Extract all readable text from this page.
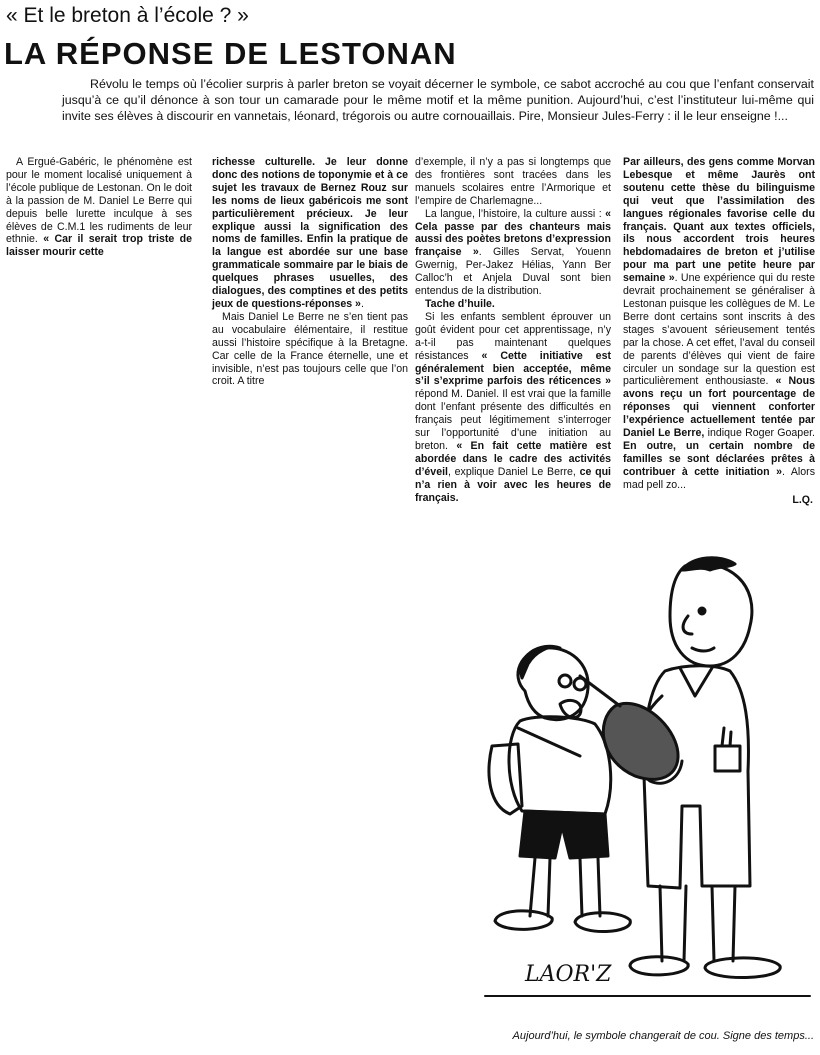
« Et le breton à l’école ? »
LA RÉPONSE DE LESTONAN

Révolu le temps où l’écolier surpris à parler breton se voyait décerner le symbole, ce sabot accroché au cou que l’enfant conservait jusqu’à ce qu’il dénonce à son tour un camarade pour le même motif et la même punition. Aujourd’hui, c’est l’instituteur lui-même qui invite ses élèves à discourir en vannetais, léonard, trégorois ou autre cornouaillais. Pire, Monsieur Jules-Ferry : il le leur enseigne !...

A Ergué-Gabéric, le phénomène est pour le moment localisé uniquement à l’école publique de Lestonan. On le doit à la passion de M. Daniel Le Berre qui depuis belle lurette inculque à ses élèves de C.M.1 les rudiments de leur ethnie. « Car il serait trop triste de laisser mourir cette

richesse culturelle. Je leur donne donc des notions de toponymie et à ce sujet les travaux de Bernez Rouz sur les noms de lieux gabéricois me sont particulièrement précieux. Je leur explique aussi la signification des noms de familles. Enfin la pratique de la langue est abordée sur une base grammaticale sommaire par le biais de quelques phrases usuelles, des dialogues, des comptines et des petits jeux de questions-réponses ».

Mais Daniel Le Berre ne s’en tient pas au vocabulaire élémentaire, il restitue aussi l’histoire spécifique à la Bretagne. Car celle de la France éternelle, une et invisible, n’est pas toujours celle que l’on croit. A titre

d’exemple, il n’y a pas si longtemps que des frontières sont tracées dans les manuels scolaires entre l’Armorique et l’empire de Charlemagne...

La langue, l’histoire, la culture aussi : « Cela passe par des chanteurs mais aussi des poètes bretons d’expression française ». Gilles Servat, Youenn Gwernig, Per-Jakez Hélias, Yann Ber Calloc’h et Anjela Duval sont bien entendus de la distribution.

Tache d’huile.

Si les enfants semblent éprouver un goût évident pour cet apprentissage, n’y a-t-il pas maintenant quelques résistances « Cette initiative est généralement bien acceptée, même s’il s’exprime parfois des réticences » répond M. Daniel. Il est vrai que la famille dont l’enfant présente des difficultés en français peut légitimement s’interroger sur l’opportunité d’une initiation au breton. « En fait cette matière est abordée dans le cadre des activités d’éveil, explique Daniel Le Berre, ce qui n’a rien à voir avec les heures de français.

Par ailleurs, des gens comme Morvan Lebesque et même Jaurès ont soutenu cette thèse du bilinguisme qui veut que l’assimilation des langues régionales favorise celle du français. Quant aux textes officiels, ils nous accordent trois heures hebdomadaires de breton et j’utilise pour ma part une petite heure par semaine ». Une expérience qui du reste devrait prochainement se généraliser à Lestonan puisque les collègues de M. Le Berre dont certains sont inscrits à des stages s’avouent sérieusement tentés par la chose. A cet effet, l’aval du conseil de parents d’élèves qui vient de faire circuler un sondage sur la question est particulièrement enthousiaste. « Nous avons reçu un fort pourcentage de réponses qui viennent conforter l’expérience actuellement tentée par Daniel Le Berre, indique Roger Goaper. En outre, un certain nombre de familles se sont déclarées prêtes à contribuer à cette initiation ». Alors mad pell zo...

L.Q.
LAOR'Z
Aujourd’hui, le symbole changerait de cou. Signe des temps...
